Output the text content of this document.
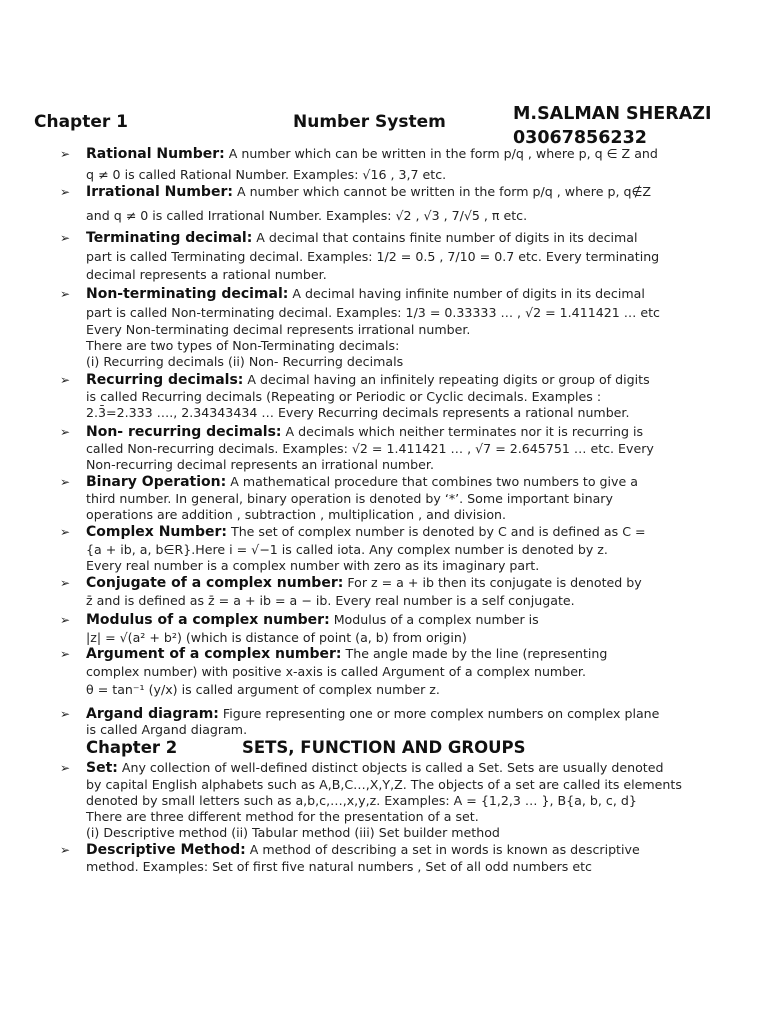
Chapter 1	Number System	M.SALMAN SHERAZI
03067856232
➢ Rational Number: A number which can be written in the form p/q , where p, q ∈ Z and
q ≠ 0 is called Rational Number. Examples: √16 , 3,7 etc.
➢ Irrational Number: A number which cannot be written in the form p/q , where p, q∉Z
and q ≠ 0 is called Irrational Number. Examples: √2 , √3 , 7/√5 , π etc.
➢ Terminating decimal: A decimal that contains finite number of digits in its decimal
part is called Terminating decimal. Examples: 1/2 = 0.5 , 7/10 = 0.7 etc. Every terminating
decimal represents a rational number.
➢ Non-terminating decimal: A decimal having infinite number of digits in its decimal
part is called Non-terminating decimal. Examples: 1/3 = 0.33333 … , √2 = 1.411421 … etc
Every Non-terminating decimal represents irrational number.
There are two types of Non-Terminating decimals:
(i) Recurring decimals (ii) Non- Recurring decimals
➢ Recurring decimals: A decimal having an infinitely repeating digits or group of digits
is called Recurring decimals (Repeating or Periodic or Cyclic decimals. Examples :
2.3̄=2.333 …., 2.34343434 … Every Recurring decimals represents a rational number.
➢ Non- recurring decimals: A decimals which neither terminates nor it is recurring is
called Non-recurring decimals. Examples: √2 = 1.411421 … , √7 = 2.645751 … etc. Every
Non-recurring decimal represents an irrational number.
➢ Binary Operation: A mathematical procedure that combines two numbers to give a
third number. In general, binary operation is denoted by ‘*’. Some important binary
operations are addition , subtraction , multiplication , and division.
➢ Complex Number: The set of complex number is denoted by C and is defined as C =
{a + ib, a, b∈R}.Here i = √−1 is called iota. Any complex number is denoted by z.
Every real number is a complex number with zero as its imaginary part.
➢ Conjugate of a complex number: For z = a + ib then its conjugate is denoted by
z̄ and is defined as z̄ = a + ib = a − ib. Every real number is a self conjugate.
➢ Modulus of a complex number: Modulus of a complex number is
|z| = √(a² + b²) (which is distance of point (a, b) from origin)
➢ Argument of a complex number: The angle made by the line (representing
complex number) with positive x-axis is called Argument of a complex number.
θ = tan⁻¹ (y/x) is called argument of complex number z.
➢ Argand diagram: Figure representing one or more complex numbers on complex plane
is called Argand diagram.
Chapter 2	SETS, FUNCTION AND GROUPS
➢ Set: Any collection of well-defined distinct objects is called a Set. Sets are usually denoted
by capital English alphabets such as A,B,C…,X,Y,Z. The objects of a set are called its elements
denoted by small letters such as a,b,c,…,x,y,z. Examples: A = {1,2,3 … }, B{a, b, c, d}
There are three different method for the presentation of a set.
(i) Descriptive method (ii) Tabular method (iii) Set builder method
➢ Descriptive Method: A method of describing a set in words is known as descriptive
method. Examples: Set of first five natural numbers , Set of all odd numbers etc
